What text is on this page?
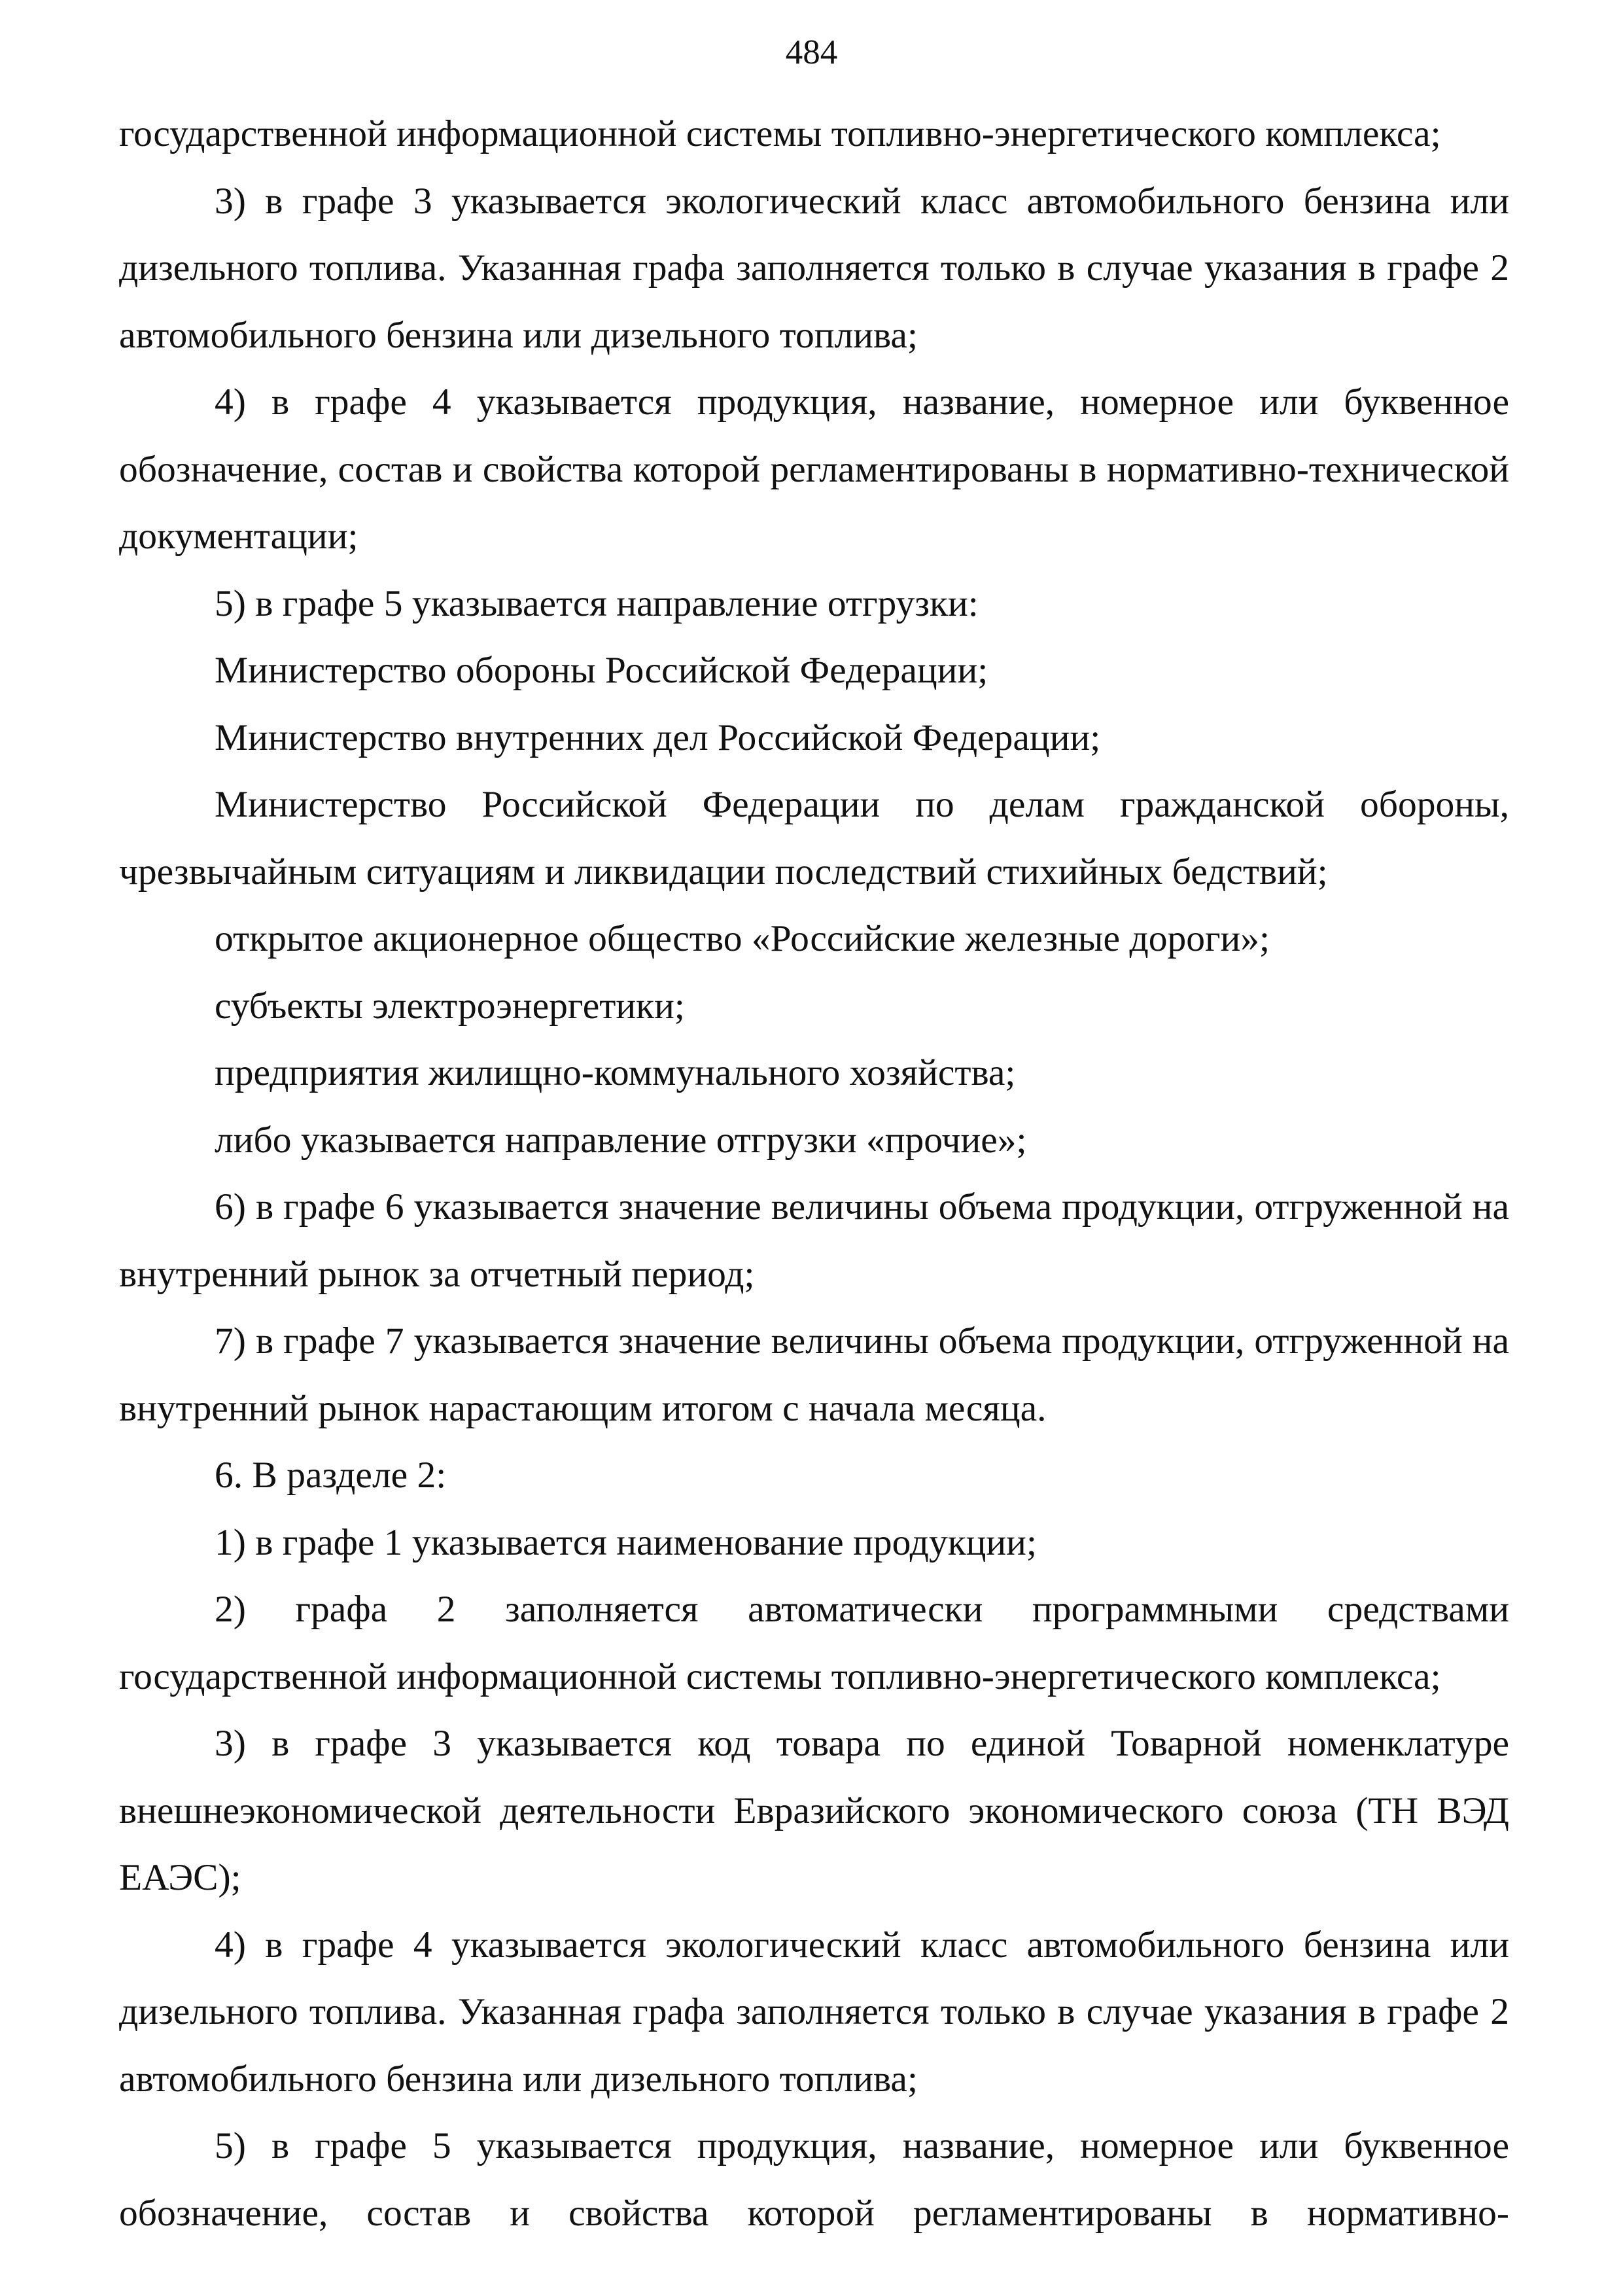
484

государственной информационной системы топливно-энергетического комплекса;

3) в графе 3 указывается экологический класс автомобильного бензина или дизельного топлива. Указанная графа заполняется только в случае указания в графе 2 автомобильного бензина или дизельного топлива;

4) в графе 4 указывается продукция, название, номерное или буквенное обозначение, состав и свойства которой регламентированы в нормативно-технической документации;

5) в графе 5 указывается направление отгрузки:

Министерство обороны Российской Федерации;

Министерство внутренних дел Российской Федерации;

Министерство Российской Федерации по делам гражданской обороны, чрезвычайным ситуациям и ликвидации последствий стихийных бедствий;

открытое акционерное общество «Российские железные дороги»;

субъекты электроэнергетики;

предприятия жилищно-коммунального хозяйства;

либо указывается направление отгрузки «прочие»;

6) в графе 6 указывается значение величины объема продукции, отгруженной на внутренний рынок за отчетный период;

7) в графе 7 указывается значение величины объема продукции, отгруженной на внутренний рынок нарастающим итогом с начала месяца.

6. В разделе 2:

1) в графе 1 указывается наименование продукции;

2) графа 2 заполняется автоматически программными средствами государственной информационной системы топливно-энергетического комплекса;

3) в графе 3 указывается код товара по единой Товарной номенклатуре внешнеэкономической деятельности Евразийского экономического союза (ТН ВЭД ЕАЭС);

4) в графе 4 указывается экологический класс автомобильного бензина или дизельного топлива. Указанная графа заполняется только в случае указания в графе 2 автомобильного бензина или дизельного топлива;

5) в графе 5 указывается продукция, название, номерное или буквенное обозначение, состав и свойства которой регламентированы в нормативно-
